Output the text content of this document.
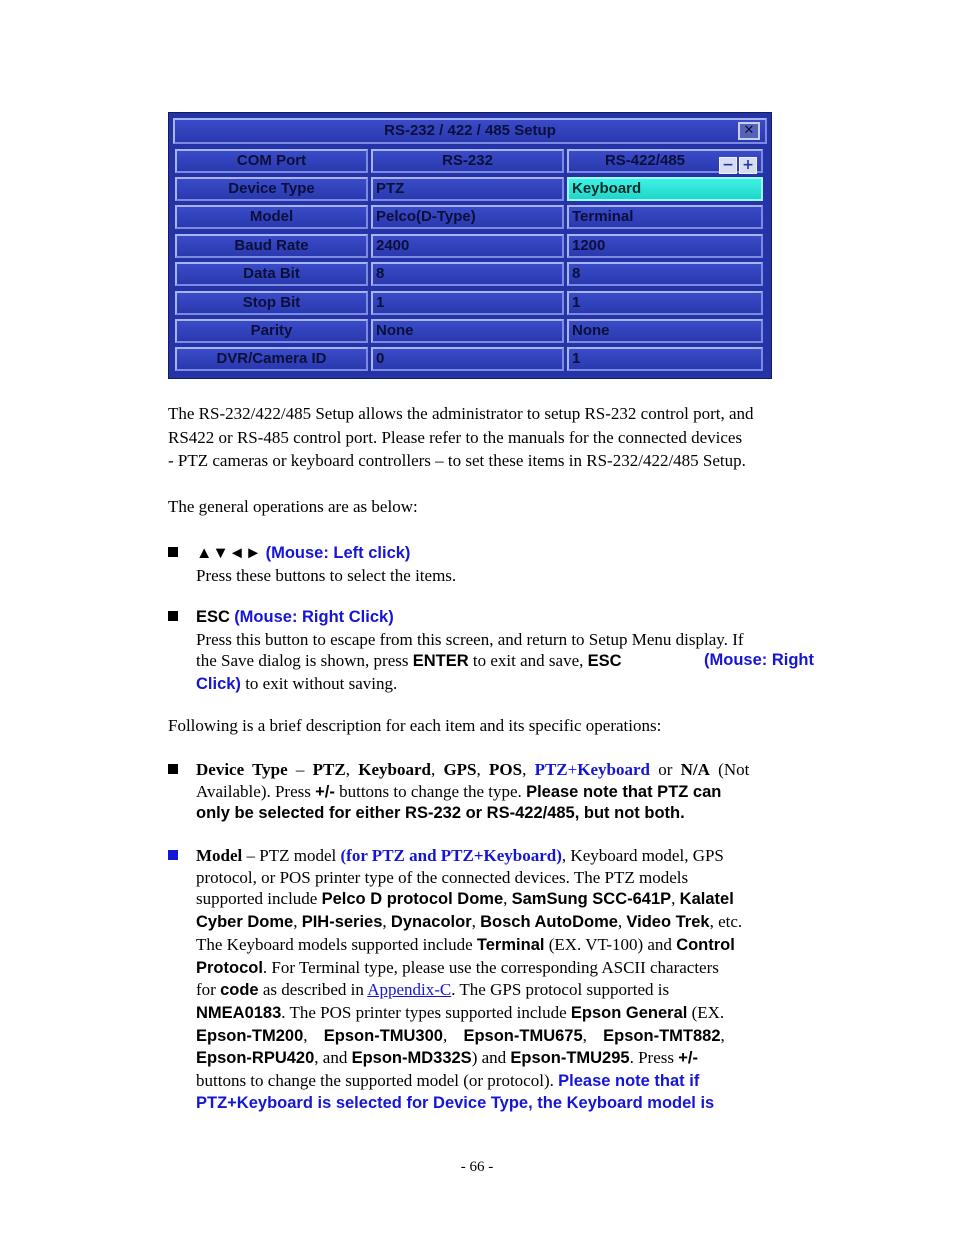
RS-232 / 422 / 485 Setup	✕
COM Port	RS-232	RS-422/485	− +
Device Type	PTZ	Keyboard
Model	Pelco(D-Type)	Terminal
Baud Rate	2400	1200
Data Bit	8	8
Stop Bit	1	1
Parity	None	None
DVR/Camera ID	0	1
The RS-232/422/485 Setup allows the administrator to setup RS-232 control port, and
RS422 or RS-485 control port. Please refer to the manuals for the connected devices
- PTZ cameras or keyboard controllers – to set these items in RS-232/422/485 Setup.
The general operations are as below:
▲▼◄► (Mouse: Left click)
Press these buttons to select the items.
ESC (Mouse: Right Click)
Press this button to escape from this screen, and return to Setup Menu display. If
the Save dialog is shown, press ENTER to exit and save, ESC	(Mouse: Right
Click) to exit without saving.
Following is a brief description for each item and its specific operations:
Device Type – PTZ, Keyboard, GPS, POS, PTZ+Keyboard or N/A (Not
Available). Press +/- buttons to change the type. Please note that PTZ can
only be selected for either RS-232 or RS-422/485, but not both.
Model – PTZ model (for PTZ and PTZ+Keyboard), Keyboard model, GPS
protocol, or POS printer type of the connected devices. The PTZ models
supported include Pelco D protocol Dome, SamSung SCC-641P, Kalatel
Cyber Dome, PIH-series, Dynacolor, Bosch AutoDome, Video Trek, etc.
The Keyboard models supported include Terminal (EX. VT-100) and Control
Protocol. For Terminal type, please use the corresponding ASCII characters
for code as described in Appendix-C. The GPS protocol supported is
NMEA0183. The POS printer types supported include Epson General (EX.
Epson-TM200, Epson-TMU300, Epson-TMU675, Epson-TMT882,
Epson-RPU420, and Epson-MD332S) and Epson-TMU295. Press +/-
buttons to change the supported model (or protocol). Please note that if
PTZ+Keyboard is selected for Device Type, the Keyboard model is
- 66 -
